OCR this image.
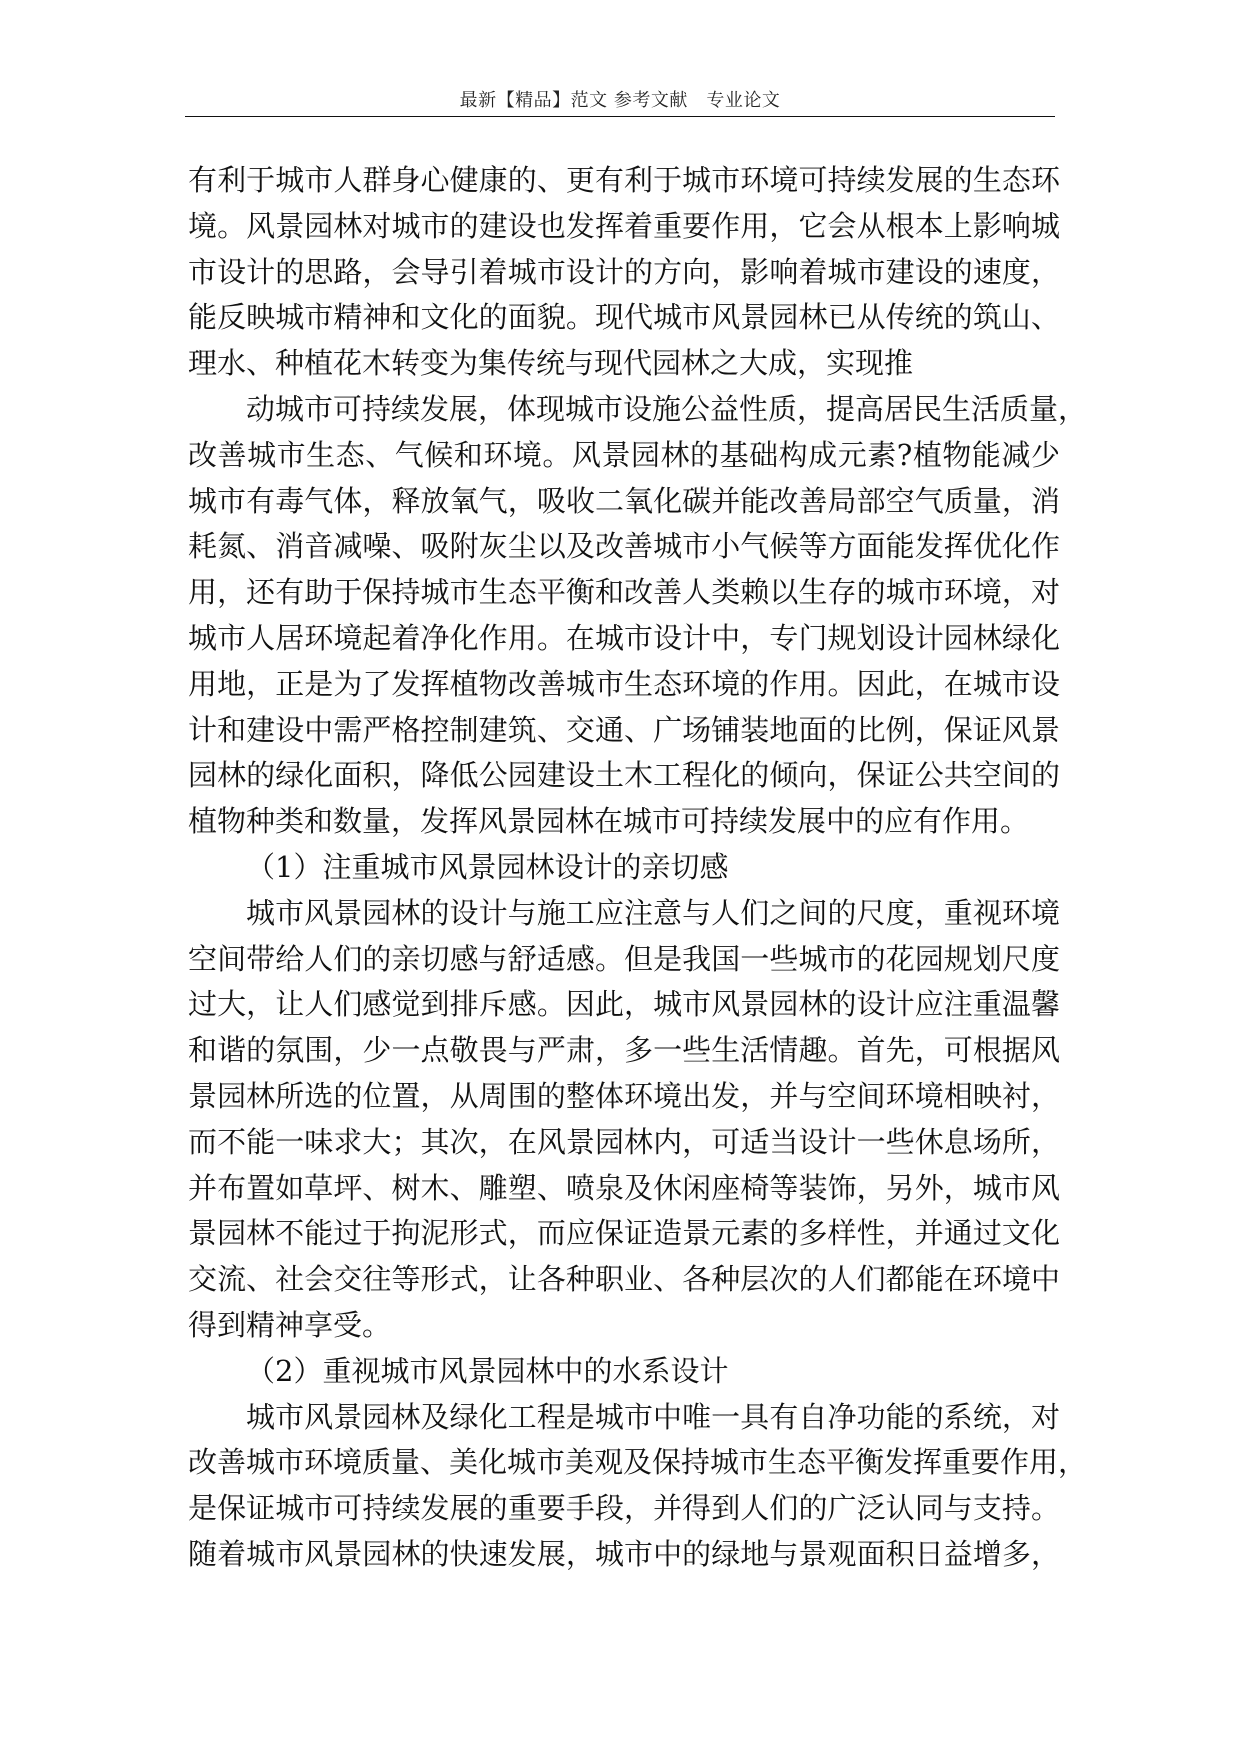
最新【精品】范文 参考文献　专业论文
有利于城市人群身心健康的、更有利于城市环境可持续发展的生态环
境。风景园林对城市的建设也发挥着重要作用，它会从根本上影响城
市设计的思路，会导引着城市设计的方向，影响着城市建设的速度，
能反映城市精神和文化的面貌。现代城市风景园林已从传统的筑山、
理水、种植花木转变为集传统与现代园林之大成，实现推
动城市可持续发展，体现城市设施公益性质，提高居民生活质量，
改善城市生态、气候和环境。风景园林的基础构成元素?植物能减少
城市有毒气体，释放氧气，吸收二氧化碳并能改善局部空气质量，消
耗氮、消音减噪、吸附灰尘以及改善城市小气候等方面能发挥优化作
用，还有助于保持城市生态平衡和改善人类赖以生存的城市环境，对
城市人居环境起着净化作用。在城市设计中，专门规划设计园林绿化
用地，正是为了发挥植物改善城市生态环境的作用。因此，在城市设
计和建设中需严格控制建筑、交通、广场铺装地面的比例，保证风景
园林的绿化面积，降低公园建设土木工程化的倾向，保证公共空间的
植物种类和数量，发挥风景园林在城市可持续发展中的应有作用。
（1）注重城市风景园林设计的亲切感
城市风景园林的设计与施工应注意与人们之间的尺度，重视环境
空间带给人们的亲切感与舒适感。但是我国一些城市的花园规划尺度
过大，让人们感觉到排斥感。因此，城市风景园林的设计应注重温馨
和谐的氛围，少一点敬畏与严肃，多一些生活情趣。首先，可根据风
景园林所选的位置，从周围的整体环境出发，并与空间环境相映衬，
而不能一味求大；其次，在风景园林内，可适当设计一些休息场所，
并布置如草坪、树木、雕塑、喷泉及休闲座椅等装饰，另外，城市风
景园林不能过于拘泥形式，而应保证造景元素的多样性，并通过文化
交流、社会交往等形式，让各种职业、各种层次的人们都能在环境中
得到精神享受。
（2）重视城市风景园林中的水系设计
城市风景园林及绿化工程是城市中唯一具有自净功能的系统，对
改善城市环境质量、美化城市美观及保持城市生态平衡发挥重要作用，
是保证城市可持续发展的重要手段，并得到人们的广泛认同与支持。
随着城市风景园林的快速发展，城市中的绿地与景观面积日益增多，
